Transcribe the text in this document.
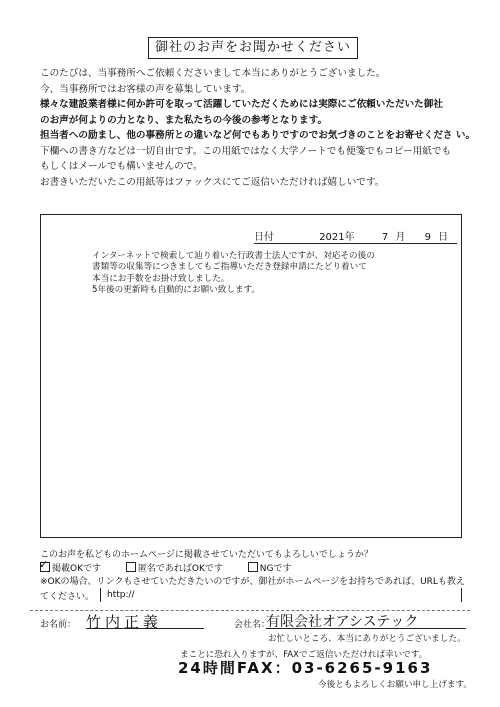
御社のお声をお聞かせください

このたびは、当事務所へご依頼くださいまして本当にありがとうございました。

今、当事務所ではお客様の声を募集しています。

様々な建設業者様に何か許可を取って活躍していただくためには実際にご依頼いただいた御社

のお声が何よりの力となり、また私たちの今後の参考となります。

担当者への励まし、他の事務所との違いなど何でもありですのでお気づきのことをお寄せくださ い。

下欄への書き方などは一切自由です。この用紙ではなく大学ノートでも便箋でもコピー用紙でも

もしくはメールでも構いませんので。

お書きいただいたこの用紙等はファックスにてご返信いただければ嬉しいです。

日付	2021年	7 月 9 日

インターネットで検索して辿り着いた行政書士法人ですが、対応その後の

書類等の収集等につきましてもご指導いただき登録申請にたどり着いて

本当にお手数をお掛け致しました。

5年後の更新時も自動的にお願い致します。

このお声を私どものホームページに掲載させていただいてもよろしいでしょうか？
✓掲載OKです	匿名であればOKです	NGです
※OKの場合、リンクもさせていただきたいのですが、御社がホームページをお持ちであれば、URLも教え
てください。	http://
お名前： 竹内正義	会社名：
有限会社オアシステック
お忙しいところ、本当にありがとうございました。
まことに恐れ入りますが、FAXでご返信いただければ幸いです。
24時間FAX：03-6265-9163
今後ともよろしくお願い申し上げます。
